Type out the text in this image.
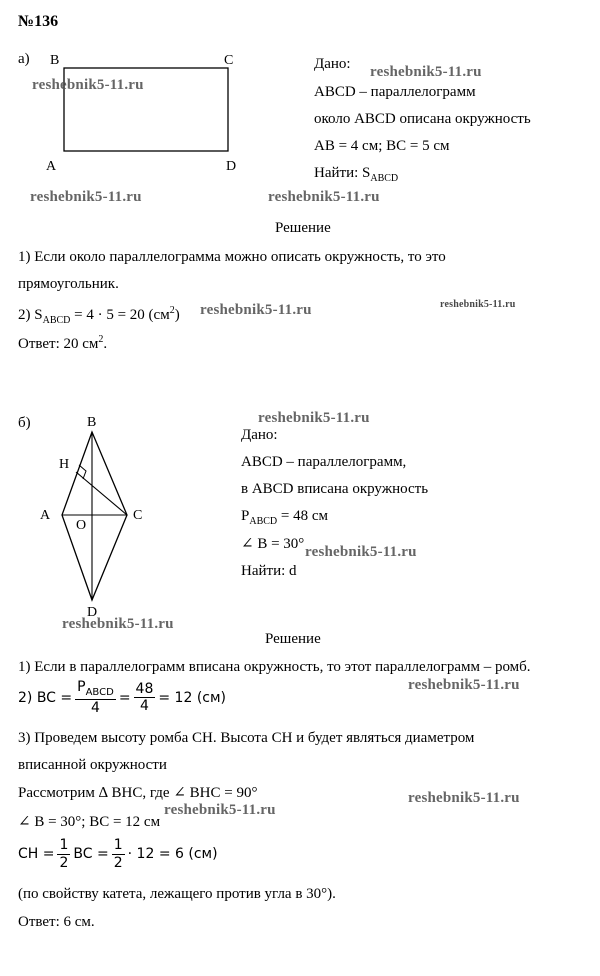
№136
а) B	C
A	D
reshebnik5-11.ru
Дано: reshebnik5-11.ru
ABCD – параллелограмм
около ABCD описана окружность
AB = 4 см; BC = 5 см
Найти: $S_{ABCD}$
reshebnik5-11.ru	reshebnik5-11.ru
Решение
1) Если около параллелограмма можно описать окружность, то это
прямоугольник.
2) $S_{ABCD} = 4 \cdot 5 = 20$ $(см^2)$ reshebnik5-11.ru	reshebnik5-11.ru
Ответ: 20 $см^2$.
б)	B
H
A
O
C
D
reshebnik5-11.ru
Дано:
ABCD – параллелограмм,
в ABCD вписана окружность
$P_{ABCD} = 48$ см
∠ B = 30° reshebnik5-11.ru
Найти: d
reshebnik5-11.ru
Решение
1) Если в параллелограмм вписана окружность, то этот параллелограмм – ромб.
reshebnik5-11.ru
2) BC = $\frac{P_{ABCD}}{4} = \frac{48}{4} = 12$ (см)
3) Проведем высоту ромба CH. Высота CH и будет являться диаметром
вписанной окружности
Рассмотрим ∆ BHC, где ∠ BHC = 90°	reshebnik5-11.ru
∠ B = 30°; BC = 12 см
reshebnik5-11.ru
CH = $\frac{1}{2}$ BC = $\frac{1}{2} \cdot 12 = 6$ (см)
(по свойству катета, лежащего против угла в 30°).
Ответ: 6 см.
